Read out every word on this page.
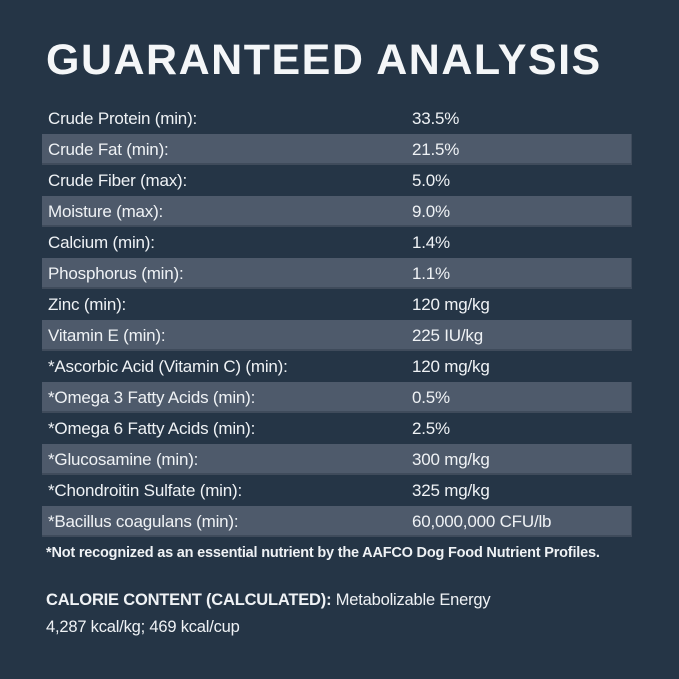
GUARANTEED ANALYSIS
Crude Protein (min):	33.5%
Crude Fat (min):	21.5%
Crude Fiber (max):	5.0%
Moisture (max):	9.0%
Calcium (min):	1.4%
Phosphorus (min):	1.1%
Zinc (min):	120 mg/kg
Vitamin E (min):	225 IU/kg
*Ascorbic Acid (Vitamin C) (min):	120 mg/kg
*Omega 3 Fatty Acids (min):	0.5%
*Omega 6 Fatty Acids (min):	2.5%
*Glucosamine (min):	300 mg/kg
*Chondroitin Sulfate (min):	325 mg/kg
*Bacillus coagulans (min):	60,000,000 CFU/lb
*Not recognized as an essential nutrient by the AAFCO Dog Food Nutrient Profiles.
CALORIE CONTENT (CALCULATED): Metabolizable Energy
4,287 kcal/kg; 469 kcal/cup
